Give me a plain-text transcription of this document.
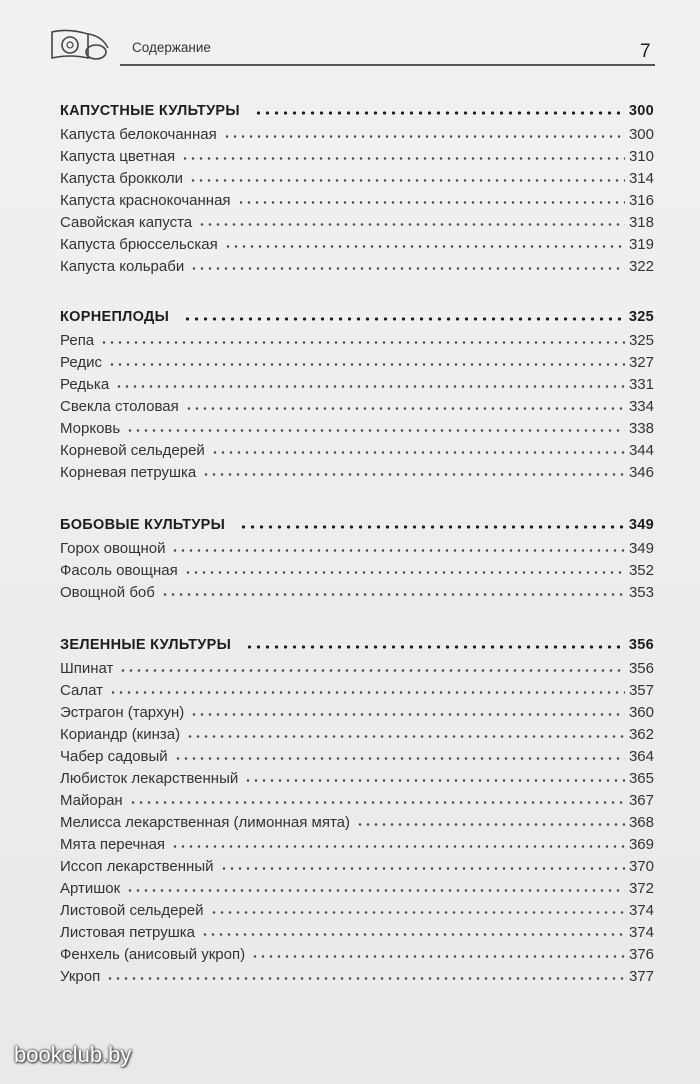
Содержание	7
КАПУСТНЫЕ КУЛЬТУРЫ	300
Капуста белокочанная	300
Капуста цветная	310
Капуста брокколи	314
Капуста краснокочанная	316
Савойская капуста	318
Капуста брюссельская	319
Капуста кольраби	322
КОРНЕПЛОДЫ	325
Репа	325
Редис	327
Редька	331
Свекла столовая	334
Морковь	338
Корневой сельдерей	344
Корневая петрушка	346
БОБОВЫЕ КУЛЬТУРЫ	349
Горох овощной	349
Фасоль овощная	352
Овощной боб	353
ЗЕЛЕННЫЕ КУЛЬТУРЫ	356
Шпинат	356
Салат	357
Эстрагон (тархун)	360
Кориандр (кинза)	362
Чабер садовый	364
Любисток лекарственный	365
Майоран	367
Мелисса лекарственная (лимонная мята)	368
Мята перечная	369
Иссоп лекарственный	370
Артишок	372
Листовой сельдерей	374
Листовая петрушка	374
Фенхель (анисовый укроп)	376
Укроп	377
bookclub.by
